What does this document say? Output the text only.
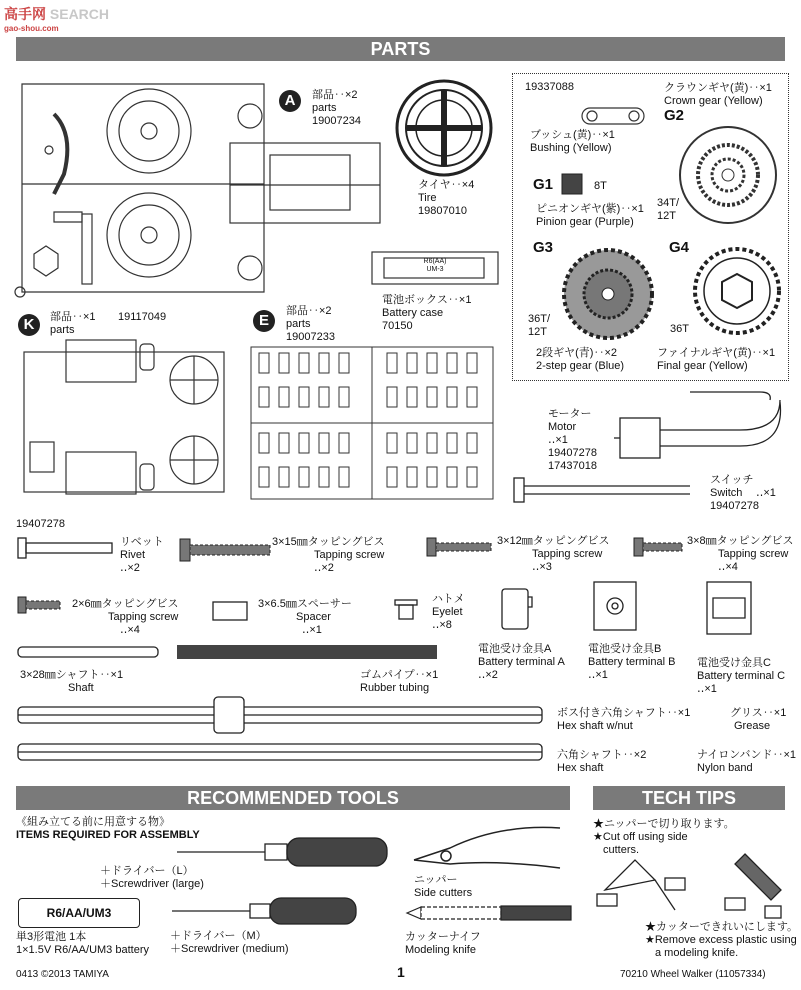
高手网 SEARCH
gao-shou.com
PARTS
A	部品‥×2
parts
19007234
タイヤ‥×4
Tire
19807010
R6(AA)
UM-3
電池ボックス‥×1
Battery case
70150
19337088
ブッシュ(黄)‥×1
Bushing (Yellow)
クラウンギヤ(黄)‥×1
Crown gear (Yellow)
G2
34T/
12T
G1	8T
ピニオンギヤ(紫)‥×1
Pinion gear (Purple)
G3
36T/
12T
2段ギヤ(青)‥×2
2-step gear (Blue)
G4
36T
ファイナルギヤ(黄)‥×1
Final gear (Yellow)
K	部品‥×1
parts
19117049	E
部品‥×2
parts
19007233
モーター
Motor
‥×1
19407278
17437018
スイッチ
Switch ‥×1
19407278
19407278
リベット
Rivet
‥×2
3×15㎜タッピングビス
Tapping screw
‥×2
3×12㎜タッピングビス
Tapping screw
‥×3
3×8㎜タッピングビス
Tapping screw
‥×4
2×6㎜タッピングビス
Tapping screw
‥×4
3×6.5㎜スペーサー
Spacer
‥×1
ハトメ
Eyelet
‥×8
3×28㎜シャフト‥×1
Shaft
ゴムパイプ‥×1
Rubber tubing
電池受け金具A
Battery terminal A
‥×2
電池受け金具B
Battery terminal B
‥×1
電池受け金具C
Battery terminal C
‥×1
ボス付き六角シャフト‥×1
Hex shaft w/nut
グリス‥×1
Grease
六角シャフト‥×2
Hex shaft
ナイロンバンド‥×1
Nylon band
RECOMMENDED TOOLS	TECH TIPS
《組み立てる前に用意する物》
ITEMS REQUIRED FOR ASSEMBLY
＋ドライバー（L）
＋Screwdriver (large)
R6/AA/UM3
単3形電池 1本
1×1.5V R6/AA/UM3 battery
＋ドライバー（M）
＋Screwdriver (medium)
ニッパー
Side cutters
カッターナイフ
Modeling knife
★ニッパーで切り取ります。
★Cut off using side
cutters.
★カッターできれいにします。
★Remove excess plastic using
a modeling knife.
0413 ©2013 TAMIYA	1	70210 Wheel Walker (11057334)
